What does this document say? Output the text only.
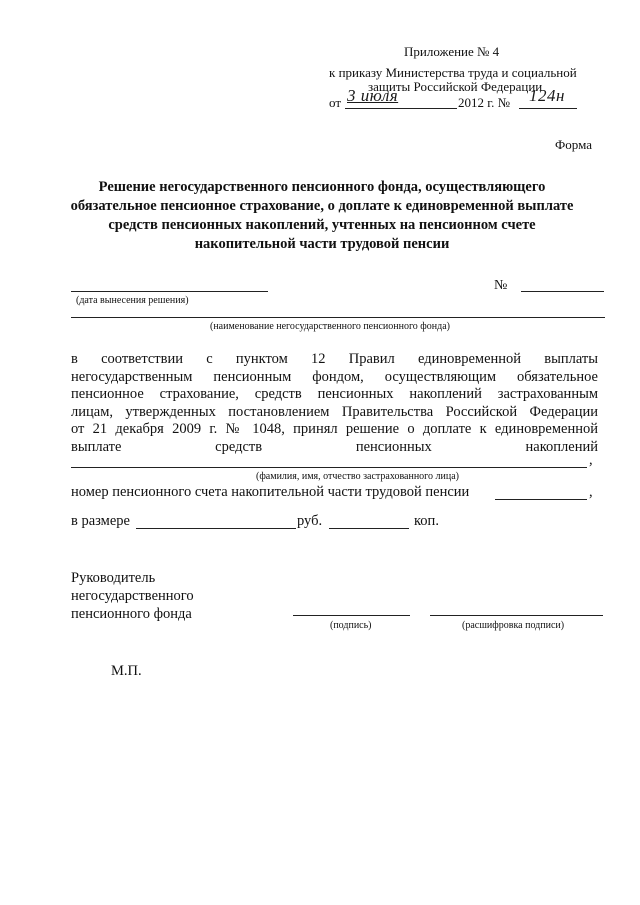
Приложение № 4
к приказу Министерства труда и социальной
защиты Российской Федерации
от 3 июля	2012 г. № 124н
Форма
Решение негосударственного пенсионного фонда, осуществляющего обязательное пенсионное страхование, о доплате к единовременной выплате средств пенсионных накоплений, учтенных на пенсионном счете накопительной части трудовой пенсии
(дата вынесения решения)
№
(наименование негосударственного пенсионного фонда)
в соответствии с пунктом 12 Правил единовременной выплаты
негосударственным пенсионным фондом, осуществляющим обязательное
пенсионное страхование, средств пенсионных накоплений застрахованным
лицам, утвержденных постановлением Правительства Российской Федерации
от 21 декабря 2009 г. № 1048, принял решение о доплате к единовременной
выплате средств пенсионных накоплений
,
(фамилия, имя, отчество застрахованного лица)
номер пенсионного счета накопительной части трудовой пенсии	,
в размере	руб.	коп.
Руководитель
негосударственного
пенсионного фонда
(подпись)	(расшифровка подписи)
М.П.
